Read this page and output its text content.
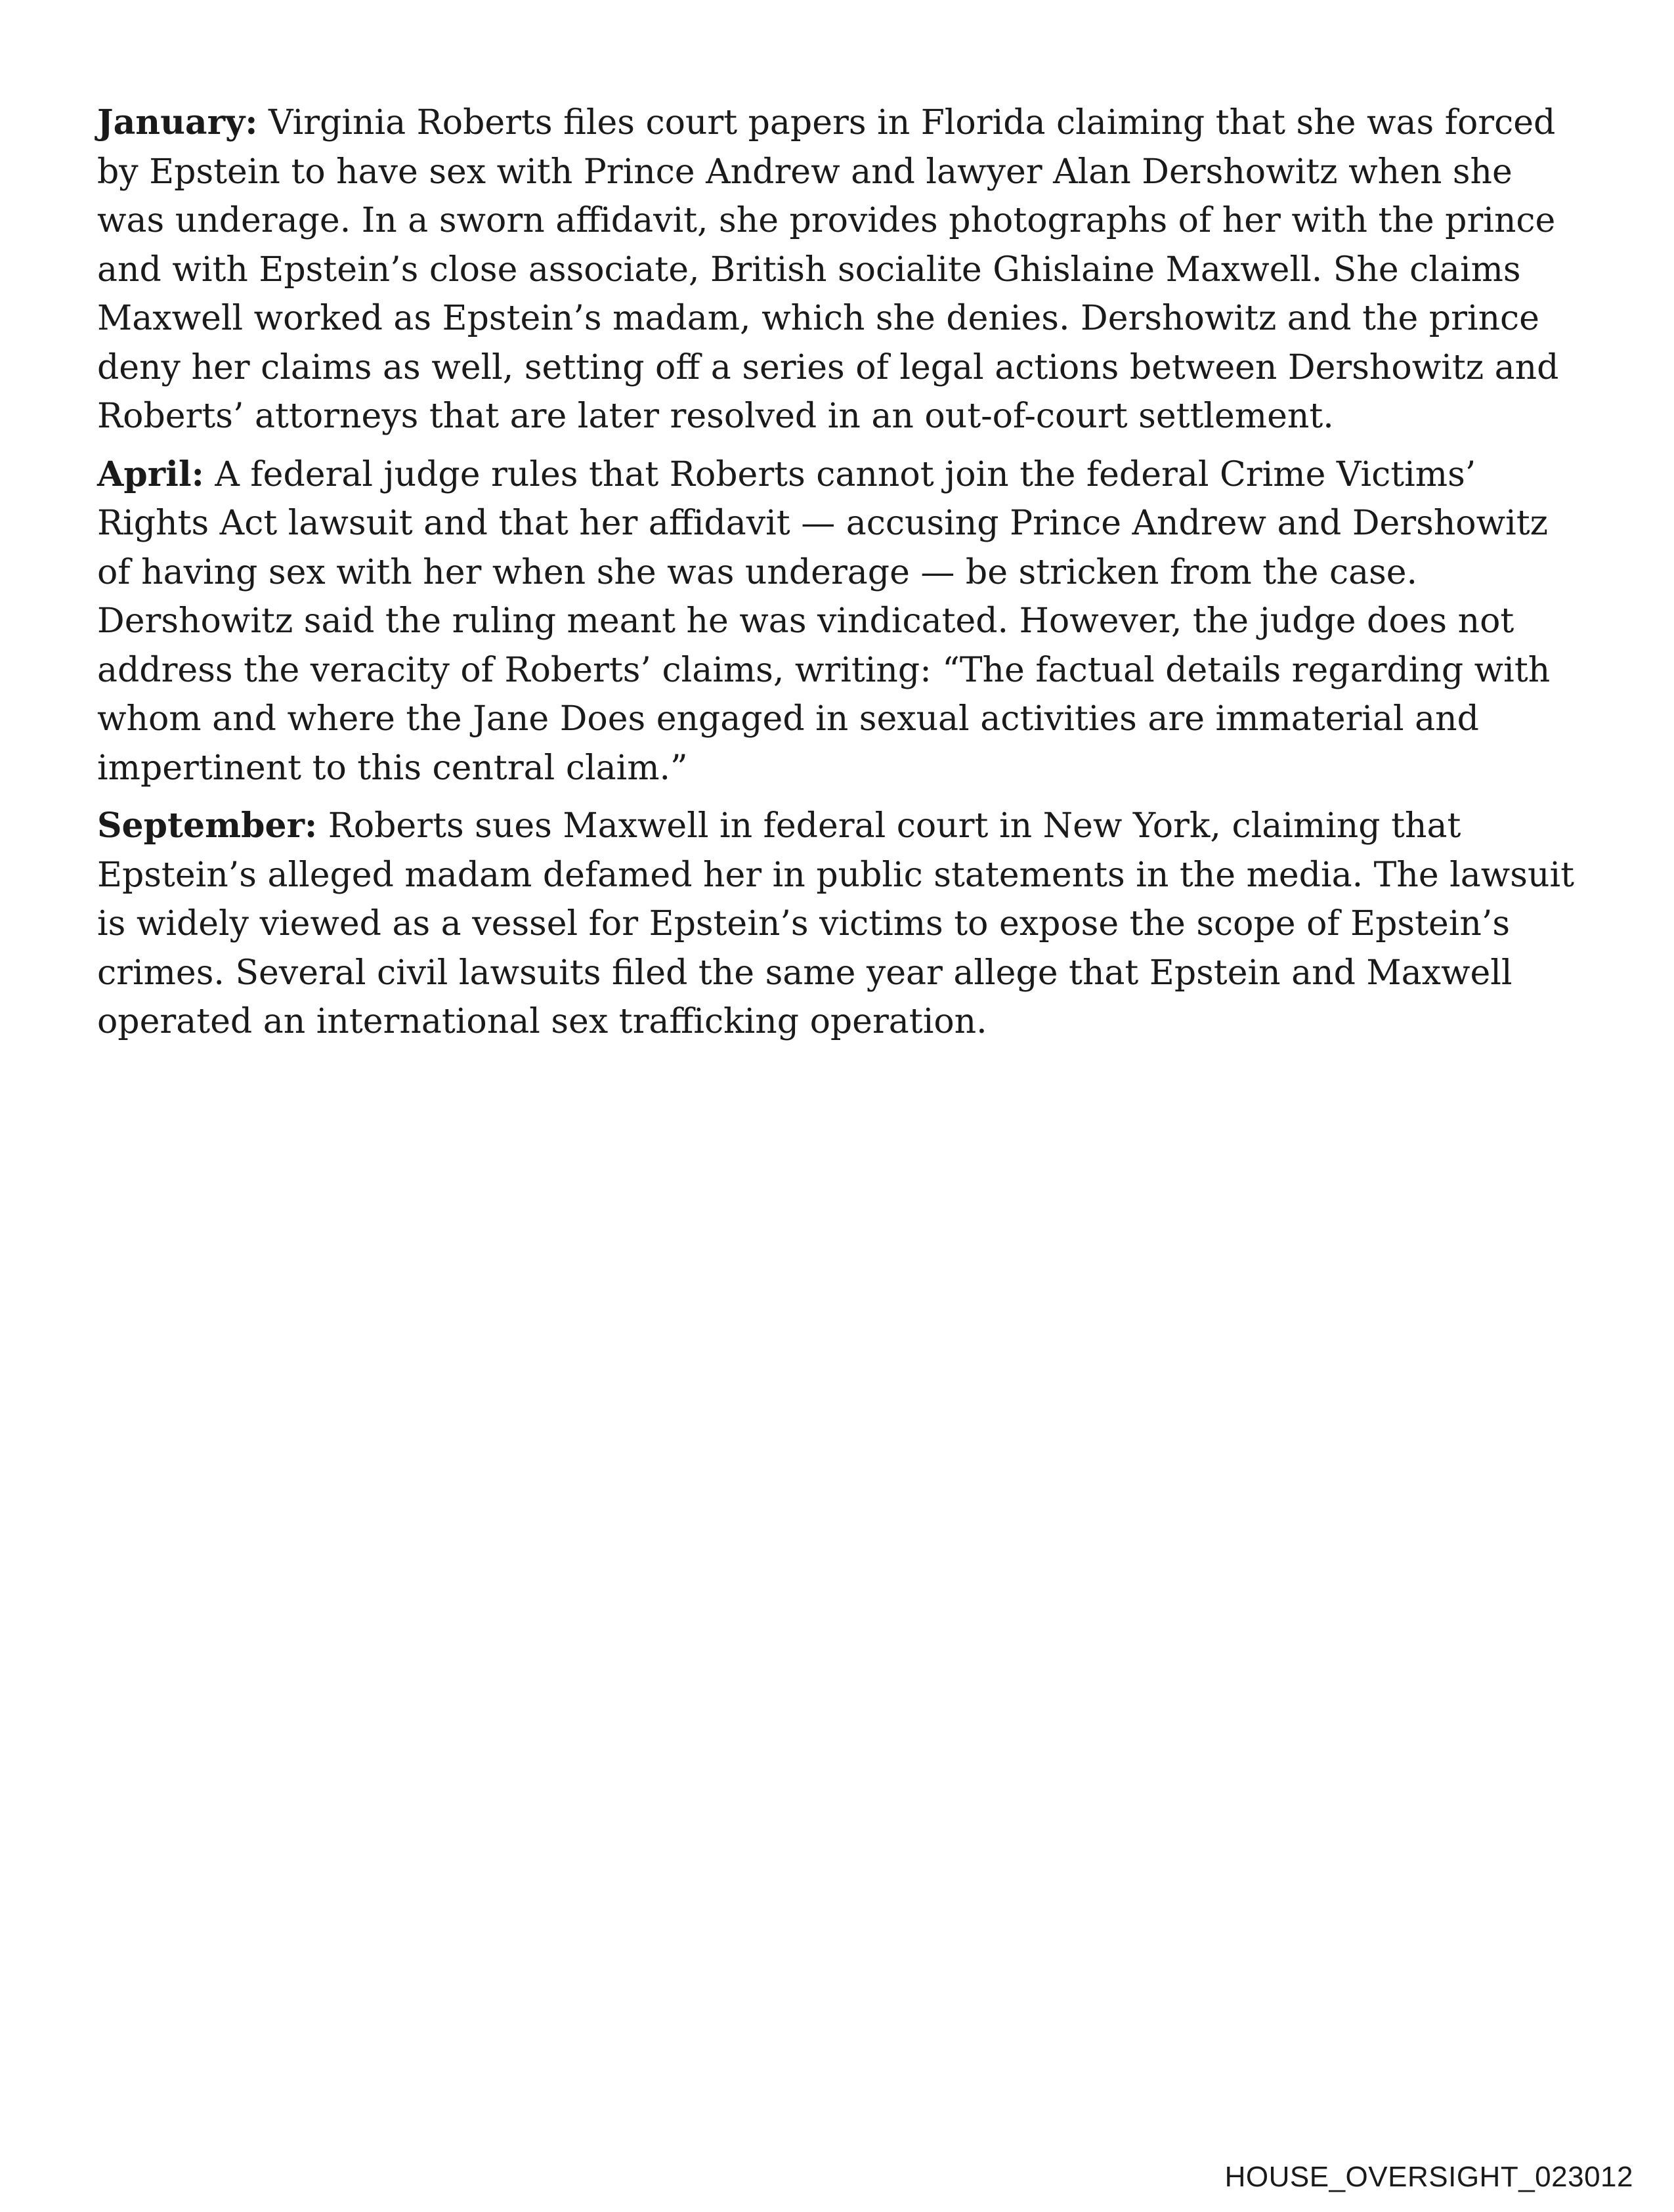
January: Virginia Roberts files court papers in Florida claiming that she was forced by Epstein to have sex with Prince Andrew and lawyer Alan Dershowitz when she was underage. In a sworn affidavit, she provides photographs of her with the prince and with Epstein’s close associate, British socialite Ghislaine Maxwell. She claims Maxwell worked as Epstein’s madam, which she denies. Dershowitz and the prince deny her claims as well, setting off a series of legal actions between Dershowitz and Roberts’ attorneys that are later resolved in an out-of-court settlement.

April: A federal judge rules that Roberts cannot join the federal Crime Victims’ Rights Act lawsuit and that her affidavit — accusing Prince Andrew and Dershowitz of having sex with her when she was underage — be stricken from the case. Dershowitz said the ruling meant he was vindicated. However, the judge does not address the veracity of Roberts’ claims, writing: “The factual details regarding with whom and where the Jane Does engaged in sexual activities are immaterial and impertinent to this central claim.”

September: Roberts sues Maxwell in federal court in New York, claiming that Epstein’s alleged madam defamed her in public statements in the media. The lawsuit is widely viewed as a vessel for Epstein’s victims to expose the scope of Epstein’s crimes. Several civil lawsuits filed the same year allege that Epstein and Maxwell operated an international sex trafficking operation.

HOUSE_OVERSIGHT_023012
